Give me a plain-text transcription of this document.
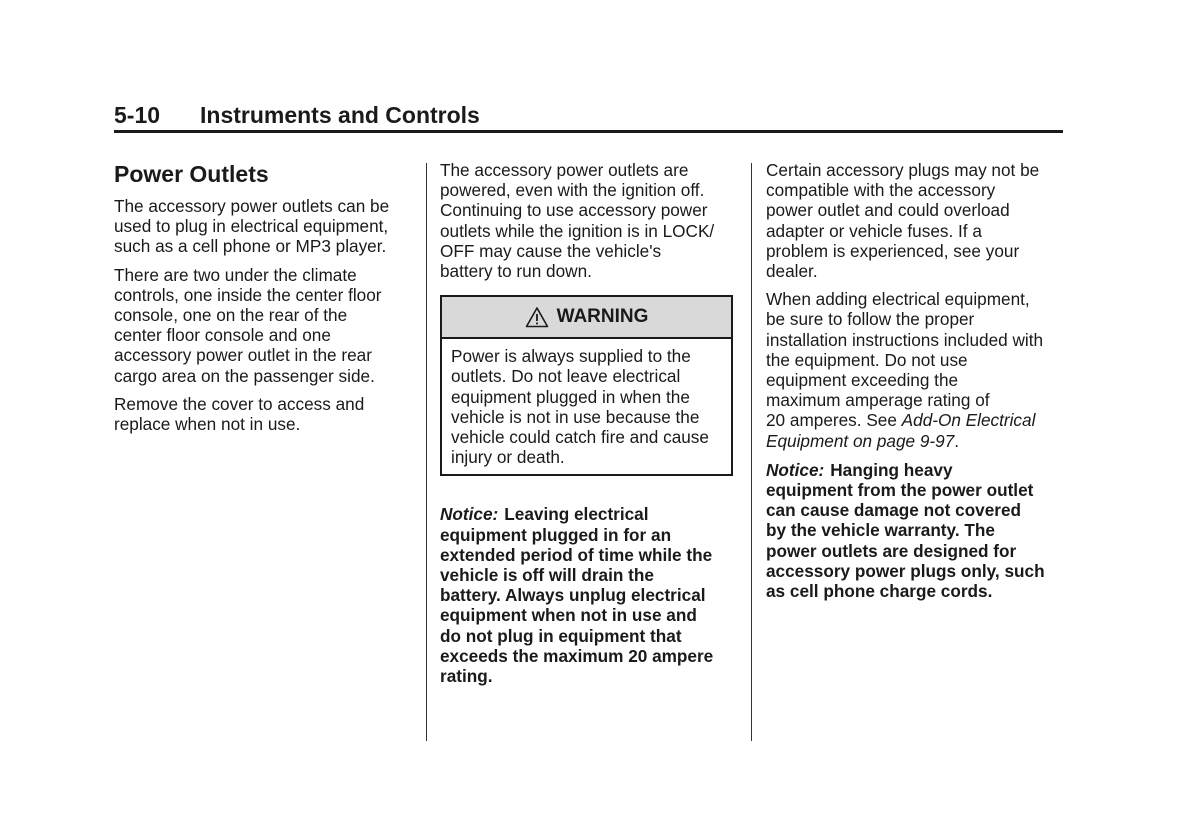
5-10 Instruments and Controls
Power Outlets
The accessory power outlets can be
used to plug in electrical equipment,
such as a cell phone or MP3 player.
There are two under the climate
controls, one inside the center floor
console, one on the rear of the
center floor console and one
accessory power outlet in the rear
cargo area on the passenger side.
Remove the cover to access and
replace when not in use.
The accessory power outlets are
powered, even with the ignition off.
Continuing to use accessory power
outlets while the ignition is in LOCK/
OFF may cause the vehicle's
battery to run down.
WARNING
Power is always supplied to the
outlets. Do not leave electrical
equipment plugged in when the
vehicle is not in use because the
vehicle could catch fire and cause
injury or death.
Notice: Leaving electrical
equipment plugged in for an
extended period of time while the
vehicle is off will drain the
battery. Always unplug electrical
equipment when not in use and
do not plug in equipment that
exceeds the maximum 20 ampere
rating.
Certain accessory plugs may not be
compatible with the accessory
power outlet and could overload
adapter or vehicle fuses. If a
problem is experienced, see your
dealer.
When adding electrical equipment,
be sure to follow the proper
installation instructions included with
the equipment. Do not use
equipment exceeding the
maximum amperage rating of
20 amperes. See Add-On Electrical
Equipment on page 9-97.
Notice: Hanging heavy
equipment from the power outlet
can cause damage not covered
by the vehicle warranty. The
power outlets are designed for
accessory power plugs only, such
as cell phone charge cords.
